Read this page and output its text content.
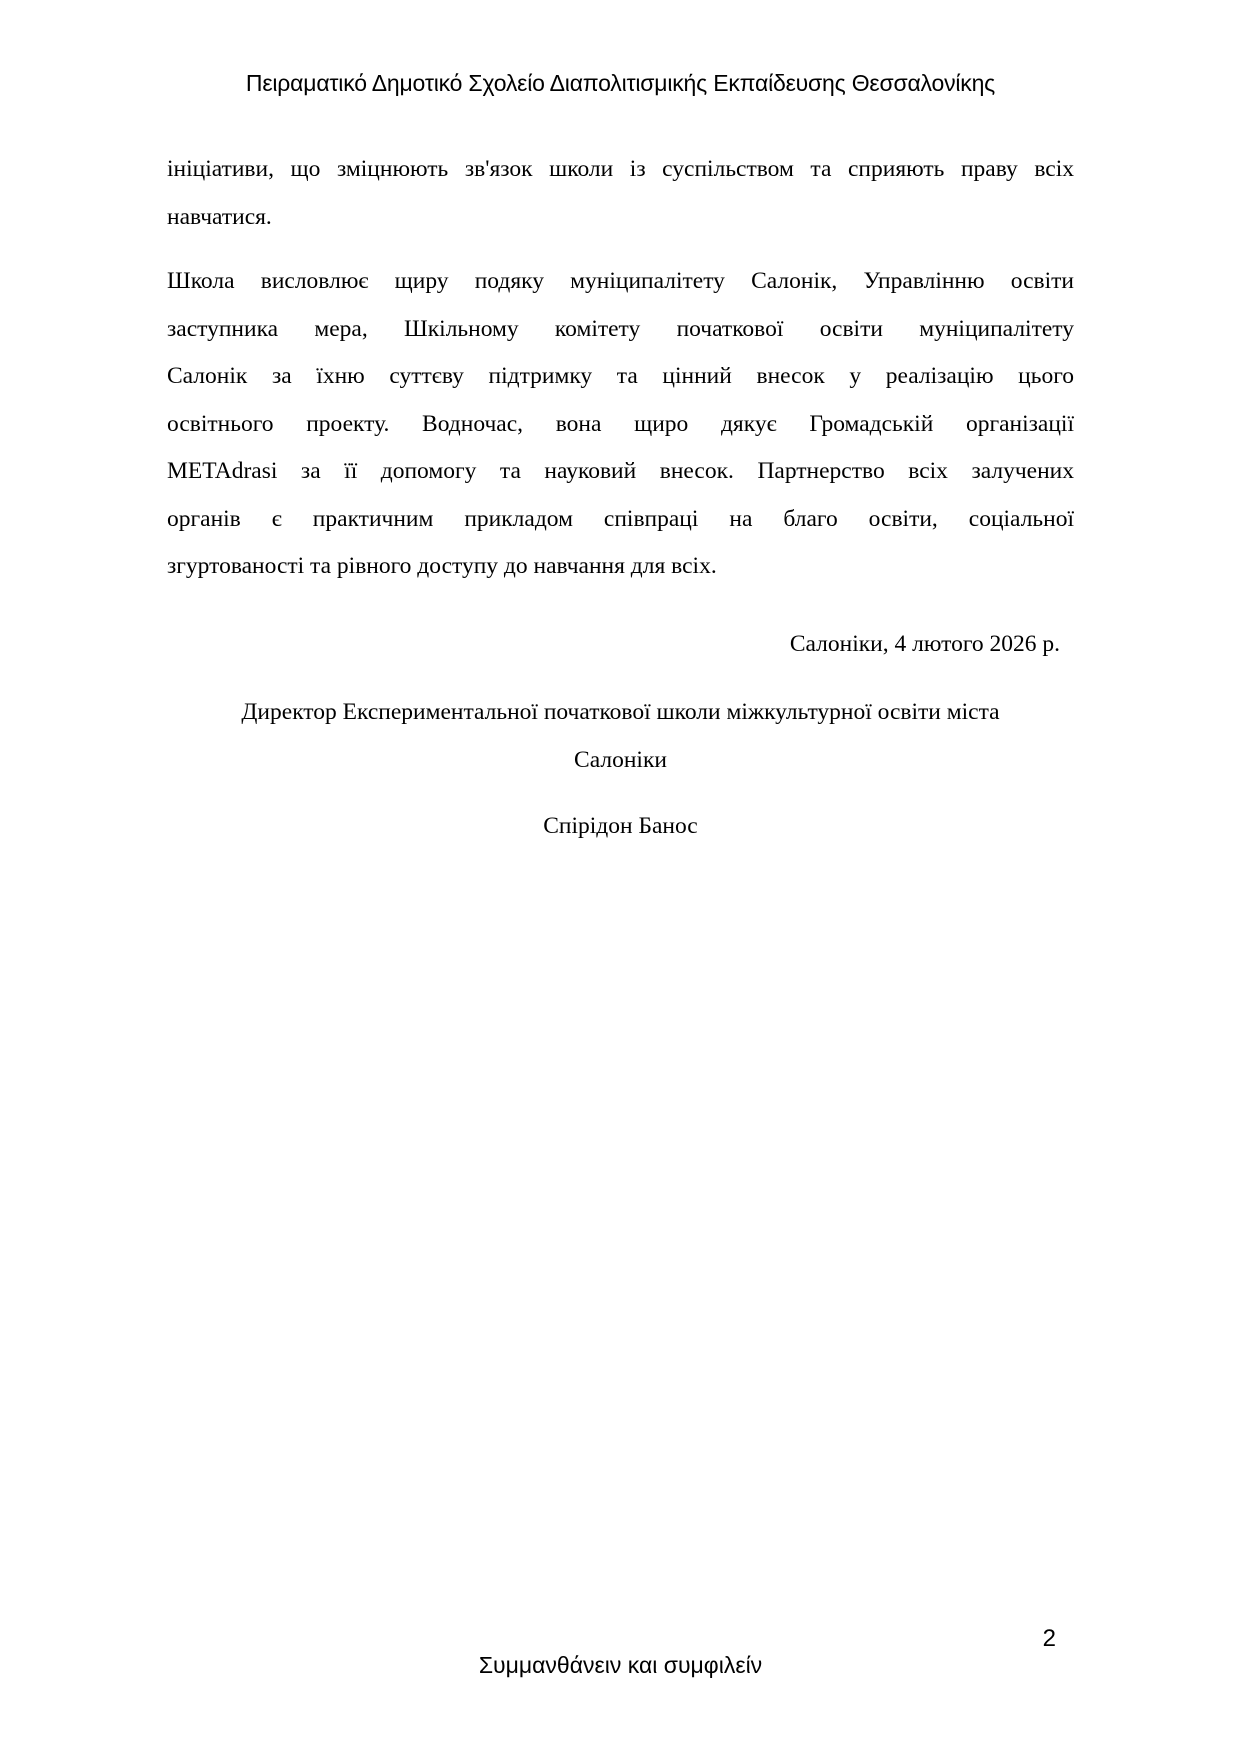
Πειραματικό Δημοτικό Σχολείο Διαπολιτισμικής Εκπαίδευσης Θεσσαλονίκης
ініціативи, що зміцнюють зв'язок школи із суспільством та сприяють праву всіх
навчатися.
Школа висловлює щиру подяку муніципалітету Салонік, Управлінню освіти
заступника мера, Шкільному комітету початкової освіти муніципалітету
Салонік за їхню суттєву підтримку та цінний внесок у реалізацію цього
освітнього проекту. Водночас, вона щиро дякує Громадській організації
METAdrasi за її допомогу та науковий внесок. Партнерство всіх залучених
органів є практичним прикладом співпраці на благо освіти, соціальної
згуртованості та рівного доступу до навчання для всіх.
Салоніки, 4 лютого 2026 р.
Директор Експериментальної початкової школи міжкультурної освіти міста
Салоніки
Спірідон Банос
Συμμανθάνειν και συμφιλείν
2
